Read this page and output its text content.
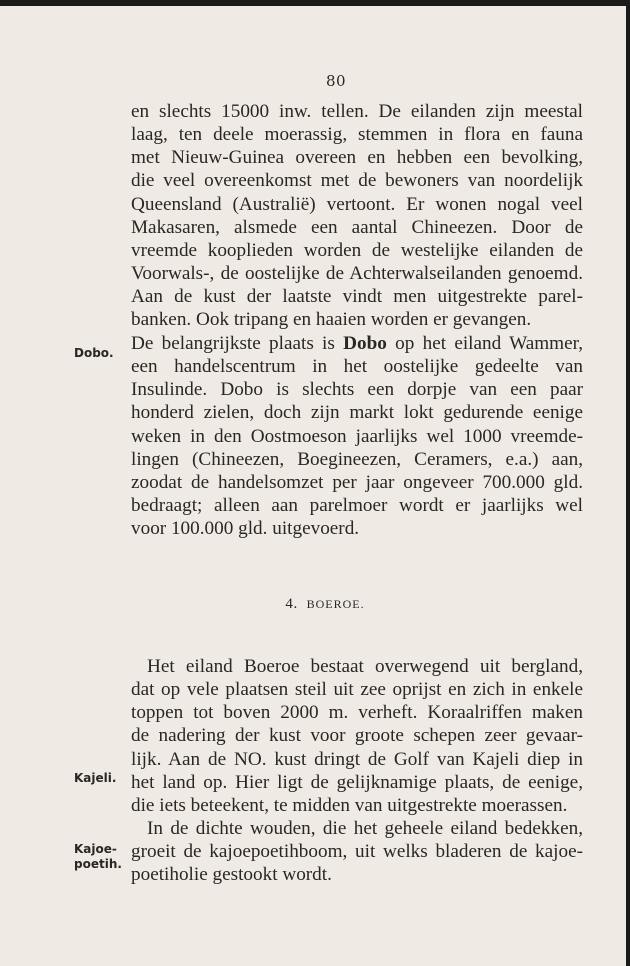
80

en slechts 15000 inw. tellen. De eilanden zijn meestal
laag, ten deele moerassig, stemmen in flora en fauna
met Nieuw-Guinea overeen en hebben een bevolking,
die veel overeenkomst met de bewoners van noordelijk
Queensland (Australië) vertoont. Er wonen nogal veel
Makasaren, alsmede een aantal Chineezen. Door de
vreemde kooplieden worden de westelijke eilanden de
Voorwals-, de oostelijke de Achterwalseilanden genoemd.
Aan de kust der laatste vindt men uitgestrekte parel-
banken. Ook tripang en haaien worden er gevangen.

Dobo. De belangrijkste plaats is Dobo op het eiland Wammer,
een handelscentrum in het oostelijke gedeelte van
Insulinde. Dobo is slechts een dorpje van een paar
honderd zielen, doch zijn markt lokt gedurende eenige
weken in den Oostmoeson jaarlijks wel 1000 vreemde-
lingen (Chineezen, Boegineezen, Ceramers, e.a.) aan,
zoodat de handelsomzet per jaar ongeveer 700.000 gld.
bedraagt; alleen aan parelmoer wordt er jaarlijks wel
voor 100.000 gld. uitgevoerd.

4. BOEROE.

Het eiland Boeroe bestaat overwegend uit bergland,
dat op vele plaatsen steil uit zee oprijst en zich in enkele
toppen tot boven 2000 m. verheft. Koraalriffen maken
de nadering der kust voor groote schepen zeer gevaar-
lijk. Aan de NO. kust dringt de Golf van Kajeli diep in
het land op. Hier ligt de gelijknamige plaats, de eenige,
die iets beteekent, te midden van uitgestrekte moerassen.

Kajeli.

In de dichte wouden, die het geheele eiland bedekken,
groeit de kajoepoetihboom, uit welks bladeren de kajoe-
poetiholie gestookt wordt.

Kajoe-
poetih.
